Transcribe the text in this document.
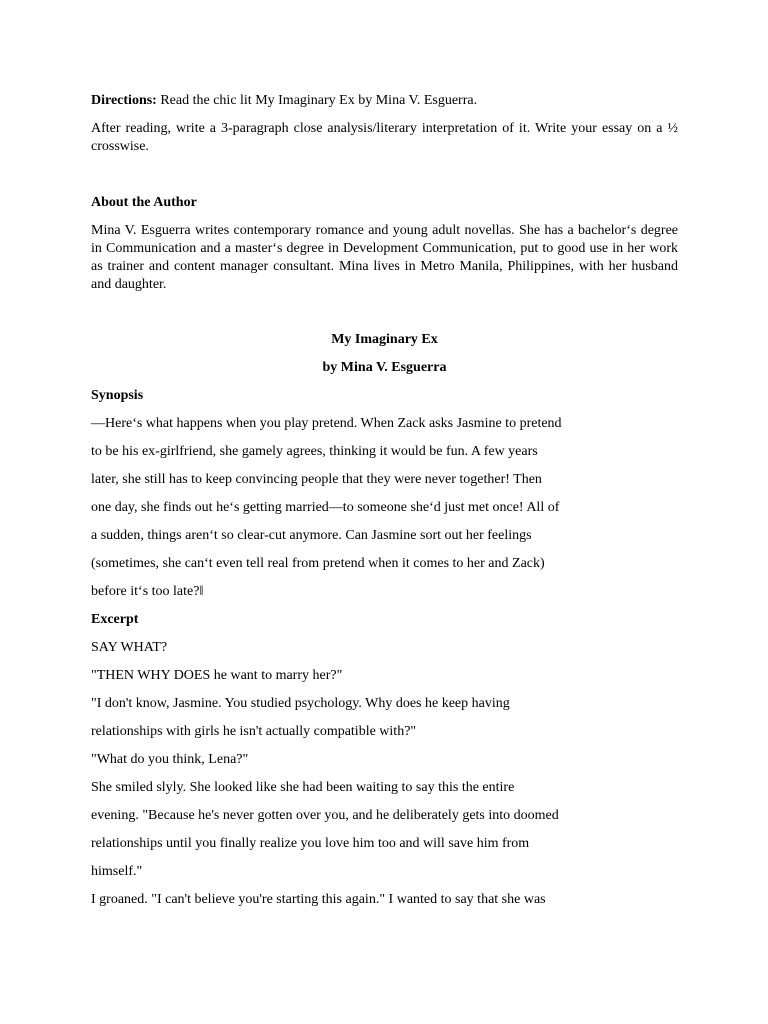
Directions: Read the chic lit My Imaginary Ex by Mina V. Esguerra.
After reading, write a 3-paragraph close analysis/literary interpretation of it. Write your essay on a ½ crosswise.
About the Author
Mina V. Esguerra writes contemporary romance and young adult novellas. She has a bachelor‘s degree in Communication and a master‘s degree in Development Communication, put to good use in her work as trainer and content manager consultant. Mina lives in Metro Manila, Philippines, with her husband and daughter.
My Imaginary Ex
by Mina V. Esguerra
Synopsis
―Here‘s what happens when you play pretend. When Zack asks Jasmine to pretend
to be his ex-girlfriend, she gamely agrees, thinking it would be fun. A few years
later, she still has to keep convincing people that they were never together! Then
one day, she finds out he‘s getting married—to someone she‘d just met once! All of
a sudden, things aren‘t so clear-cut anymore. Can Jasmine sort out her feelings
(sometimes, she can‘t even tell real from pretend when it comes to her and Zack)
before it‘s too late?‖
Excerpt
SAY WHAT?
"THEN WHY DOES he want to marry her?"
"I don't know, Jasmine. You studied psychology. Why does he keep having
relationships with girls he isn't actually compatible with?"
"What do you think, Lena?"
She smiled slyly. She looked like she had been waiting to say this the entire
evening. "Because he's never gotten over you, and he deliberately gets into doomed
relationships until you finally realize you love him too and will save him from
himself."
I groaned. "I can't believe you're starting this again." I wanted to say that she was
